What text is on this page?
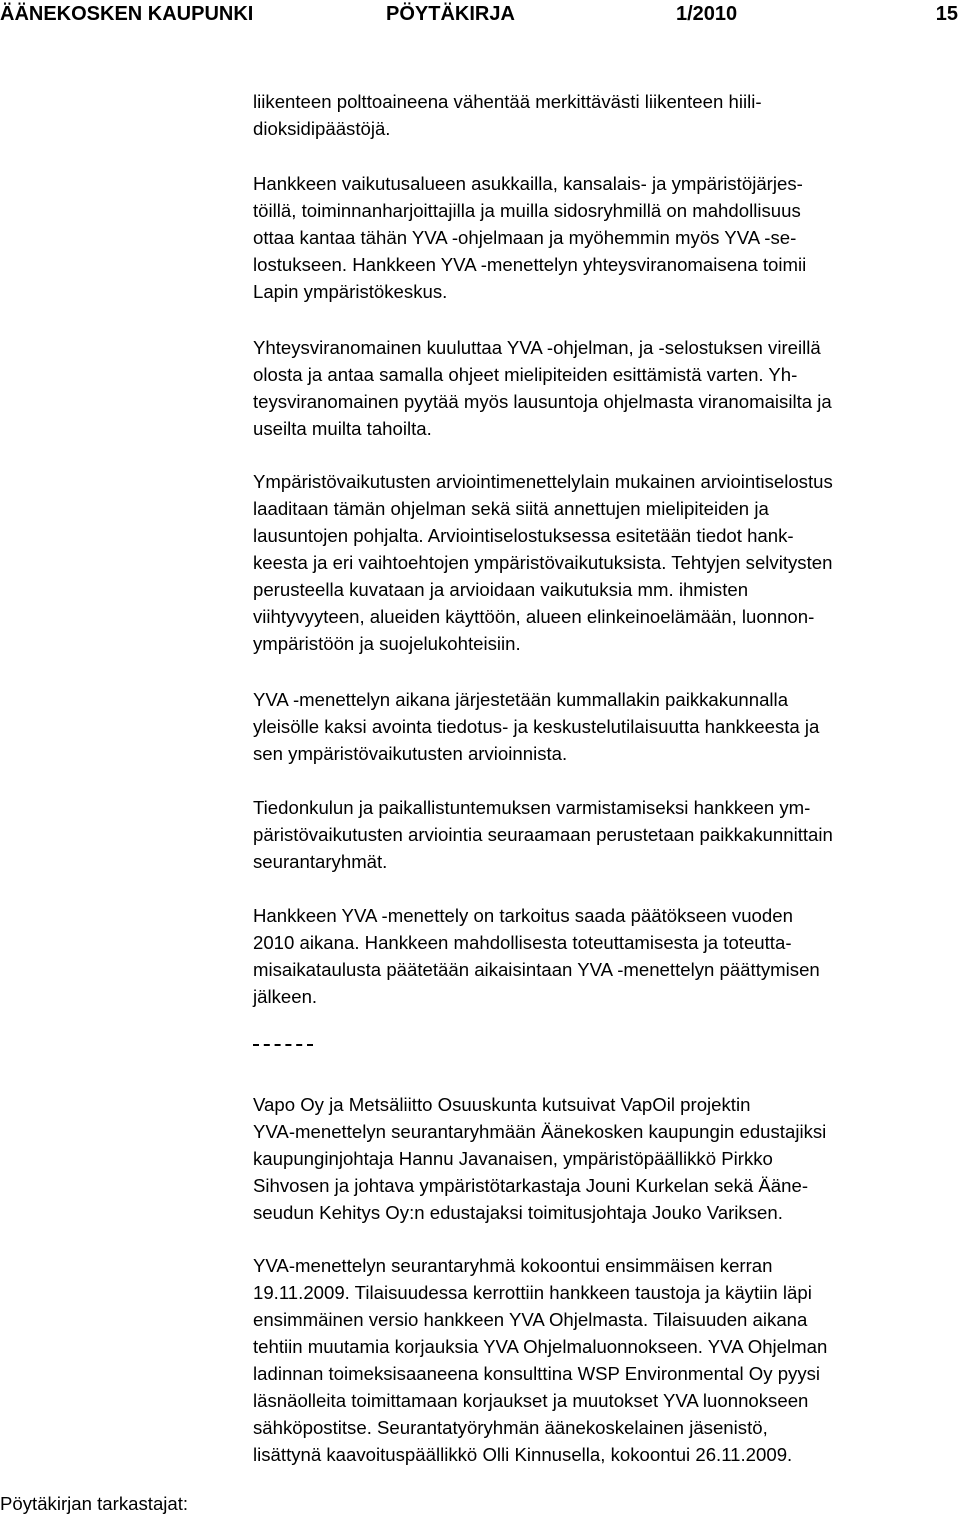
ÄÄNEKOSKEN KAUPUNKI	PÖYTÄKIRJA	1/2010	15

liikenteen polttoaineena vähentää merkittävästi liikenteen hiili-
dioksidipäästöjä.

Hankkeen vaikutusalueen asukkailla, kansalais- ja ympäristöjärjes-
töillä, toiminnanharjoittajilla ja muilla sidosryhmillä on mahdollisuus
ottaa kantaa tähän YVA -ohjelmaan ja myöhemmin myös YVA -se-
lostukseen. Hankkeen YVA -menettelyn yhteysviranomaisena toimii
Lapin ympäristökeskus.

Yhteysviranomainen kuuluttaa YVA -ohjelman, ja -selostuksen vireillä
olosta ja antaa samalla ohjeet mielipiteiden esittämistä varten. Yh-
teysviranomainen pyytää myös lausuntoja ohjelmasta viranomaisilta ja
useilta muilta tahoilta.

Ympäristövaikutusten arviointimenettelylain mukainen arviointiselostus
laaditaan tämän ohjelman sekä siitä annettujen mielipiteiden ja
lausuntojen pohjalta. Arviointiselostuksessa esitetään tiedot hank-
keesta ja eri vaihtoehtojen ympäristövaikutuksista. Tehtyjen selvitysten
perusteella kuvataan ja arvioidaan vaikutuksia mm. ihmisten
viihtyvyyteen, alueiden käyttöön, alueen elinkeinoelämään, luonnon-
ympäristöön ja suojelukohteisiin.

YVA -menettelyn aikana järjestetään kummallakin paikkakunnalla
yleisölle kaksi avointa tiedotus- ja keskustelutilaisuutta hankkeesta ja
sen ympäristövaikutusten arvioinnista.

Tiedonkulun ja paikallistuntemuksen varmistamiseksi hankkeen ym-
päristövaikutusten arviointia seuraamaan perustetaan paikkakunnittain
seurantaryhmät.

Hankkeen YVA -menettely on tarkoitus saada päätökseen vuoden
2010 aikana. Hankkeen mahdollisesta toteuttamisesta ja toteutta-
misaikataulusta päätetään aikaisintaan YVA -menettelyn päättymisen
jälkeen.

Vapo Oy ja Metsäliitto Osuuskunta kutsuivat VapOil projektin
YVA-menettelyn seurantaryhmään Äänekosken kaupungin edustajiksi
kaupunginjohtaja Hannu Javanaisen, ympäristöpäällikkö Pirkko
Sihvosen ja johtava ympäristötarkastaja Jouni Kurkelan sekä Ääne-
seudun Kehitys Oy:n edustajaksi toimitusjohtaja Jouko Variksen.

YVA-menettelyn seurantaryhmä kokoontui ensimmäisen kerran
19.11.2009. Tilaisuudessa kerrottiin hankkeen taustoja ja käytiin läpi
ensimmäinen versio hankkeen YVA Ohjelmasta. Tilaisuuden aikana
tehtiin muutamia korjauksia YVA Ohjelmaluonnokseen. YVA Ohjelman
ladinnan toimeksisaaneena konsulttina WSP Environmental Oy pyysi
läsnäolleita toimittamaan korjaukset ja muutokset YVA luonnokseen
sähköpostitse. Seurantatyöryhmän äänekoskelainen jäsenistö,
lisättynä kaavoituspäällikkö Olli Kinnusella, kokoontui 26.11.2009.

Pöytäkirjan tarkastajat:
